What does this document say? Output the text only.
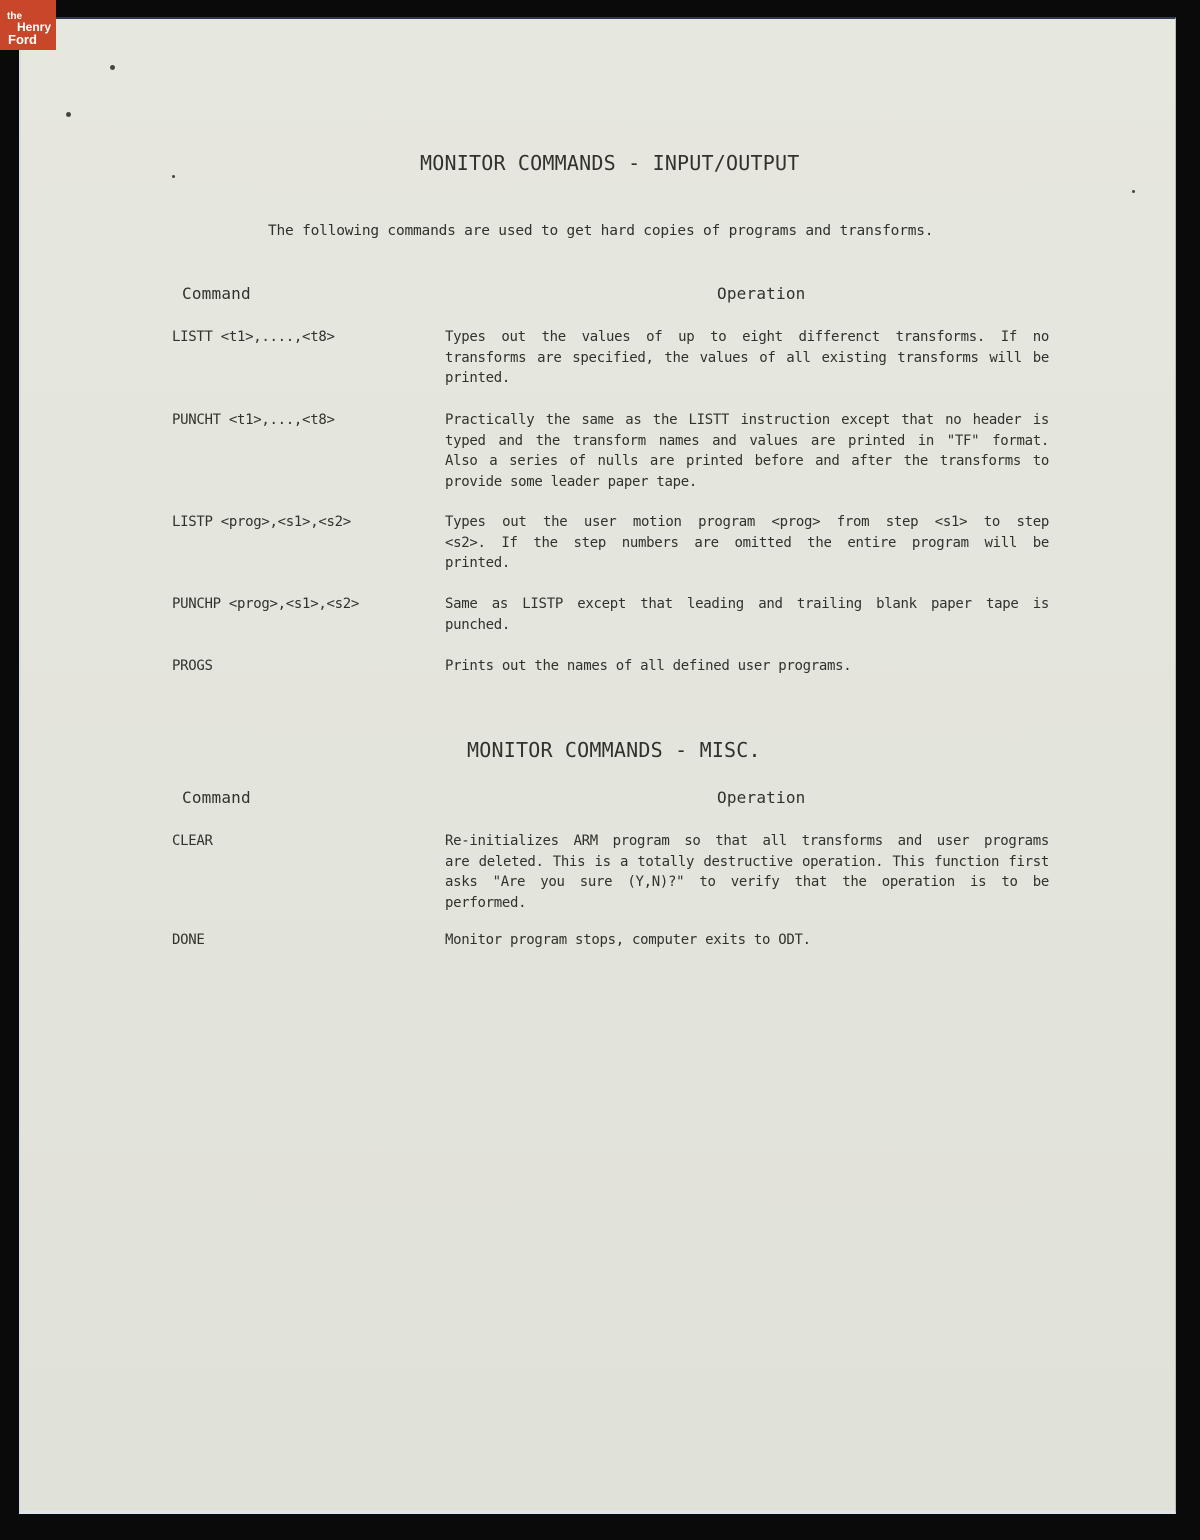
MONITOR COMMANDS - INPUT/OUTPUT

The following commands are used to get hard copies of programs and transforms.

Command	Operation
LISTT <t1>,....,<t8>	Types out the values of up to eight differenct transforms. If no
transforms are specified, the values of all existing transforms will be
printed.
PUNCHT <t1>,...,<t8>	Practically the same as the LISTT instruction except that no header is
typed and the transform names and values are printed in "TF" format.
Also a series of nulls are printed before and after the transforms to
provide some leader paper tape.
LISTP <prog>,<s1>,<s2>	Types out the user motion program <prog> from step <s1> to step
<s2>. If the step numbers are omitted the entire program will be
printed.
PUNCHP <prog>,<s1>,<s2>	Same as LISTP except that leading and trailing blank paper tape is
punched.
PROGS	Prints out the names of all defined user programs.
MONITOR COMMANDS - MISC.
Command	Operation
CLEAR	Re-initializes ARM program so that all transforms and user programs
are deleted. This is a totally destructive operation. This function first
asks "Are you sure (Y,N)?" to verify that the operation is to be
performed.
DONE	Monitor program stops, computer exits to ODT.
the
Henry
Ford
